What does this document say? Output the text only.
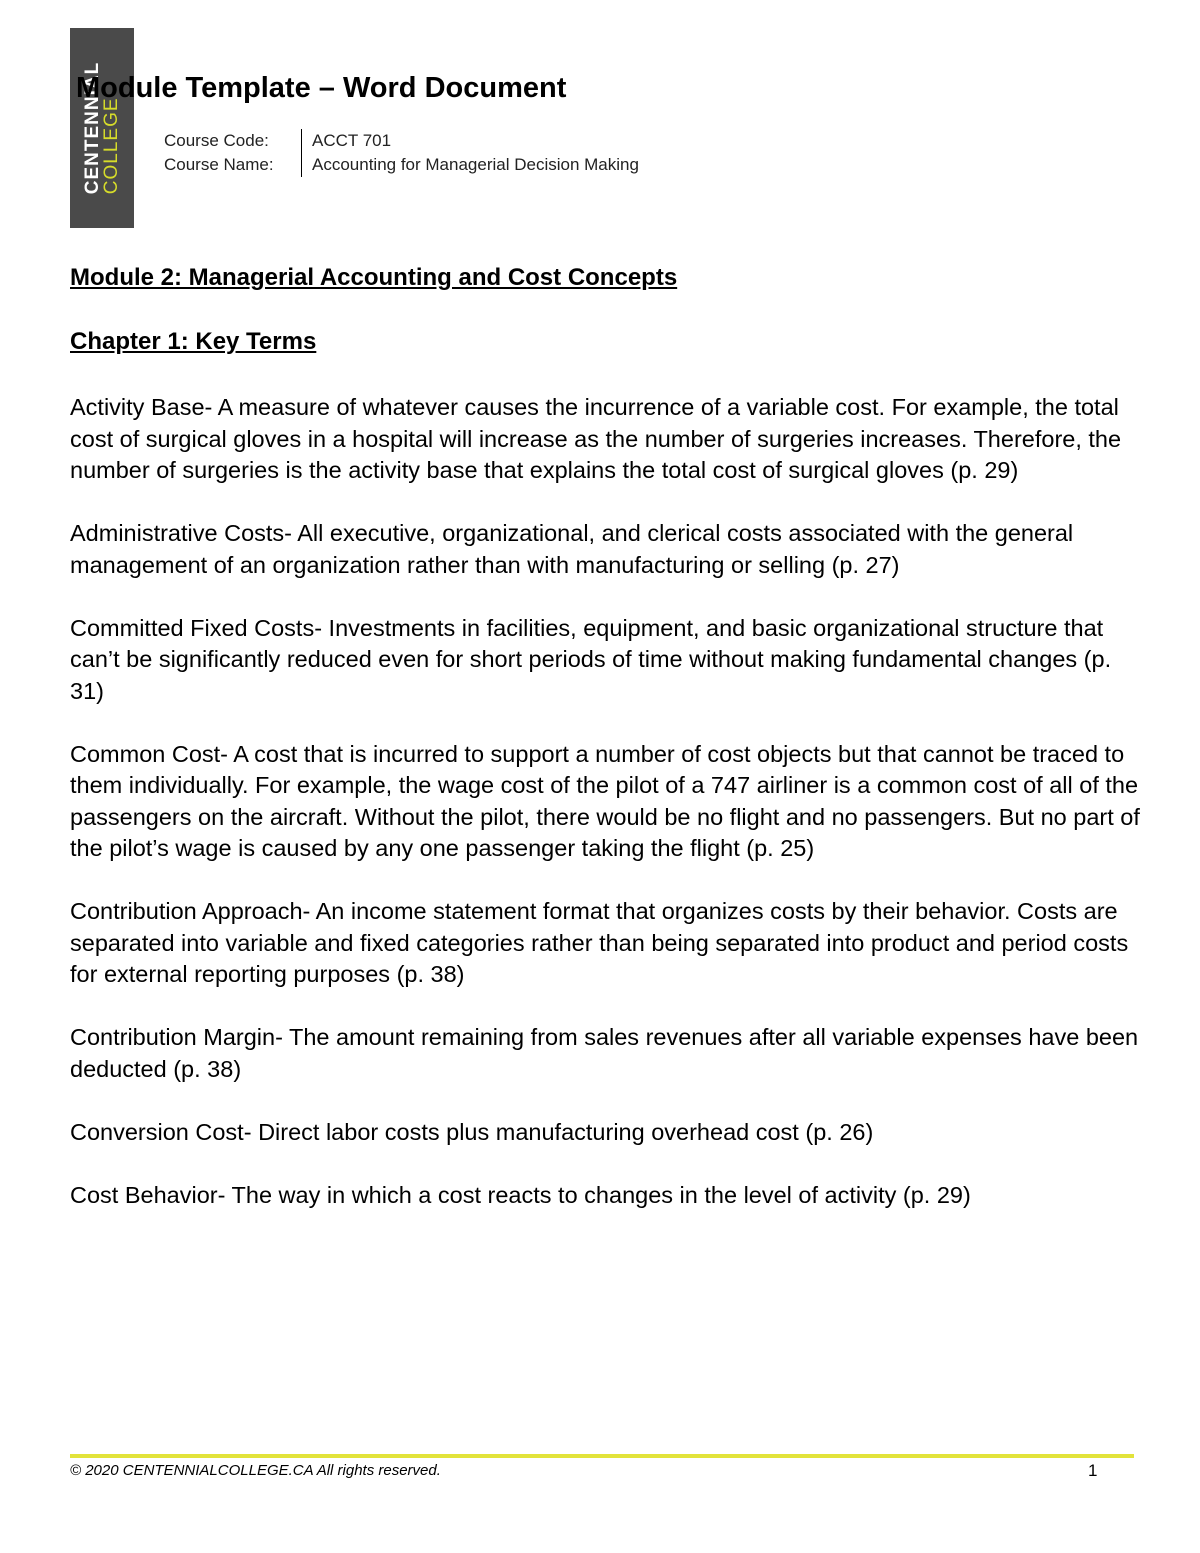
CENTENNIAL
COLLEGE
Module Template – Word Document
Course Code:	ACCT 701
Course Name:	Accounting for Managerial Decision Making
Module 2: Managerial Accounting and Cost Concepts
Chapter 1: Key Terms

Activity Base- A measure of whatever causes the incurrence of a variable cost. For example, the total cost of surgical gloves in a hospital will increase as the number of surgeries increases. Therefore, the number of surgeries is the activity base that explains the total cost of surgical gloves (p. 29)

Administrative Costs- All executive, organizational, and clerical costs associated with the general management of an organization rather than with manufacturing or selling (p. 27)

Committed Fixed Costs- Investments in facilities, equipment, and basic organizational structure that can’t be significantly reduced even for short periods of time without making fundamental changes (p. 31)

Common Cost- A cost that is incurred to support a number of cost objects but that cannot be traced to them individually. For example, the wage cost of the pilot of a 747 airliner is a common cost of all of the passengers on the aircraft. Without the pilot, there would be no flight and no passengers. But no part of the pilot’s wage is caused by any one passenger taking the flight (p. 25)

Contribution Approach- An income statement format that organizes costs by their behavior. Costs are separated into variable and fixed categories rather than being separated into product and period costs for external reporting purposes (p. 38)

Contribution Margin- The amount remaining from sales revenues after all variable expenses have been deducted (p. 38)

Conversion Cost- Direct labor costs plus manufacturing overhead cost (p. 26)

Cost Behavior- The way in which a cost reacts to changes in the level of activity (p. 29)

© 2020 CENTENNIALCOLLEGE.CA All rights reserved.	1
